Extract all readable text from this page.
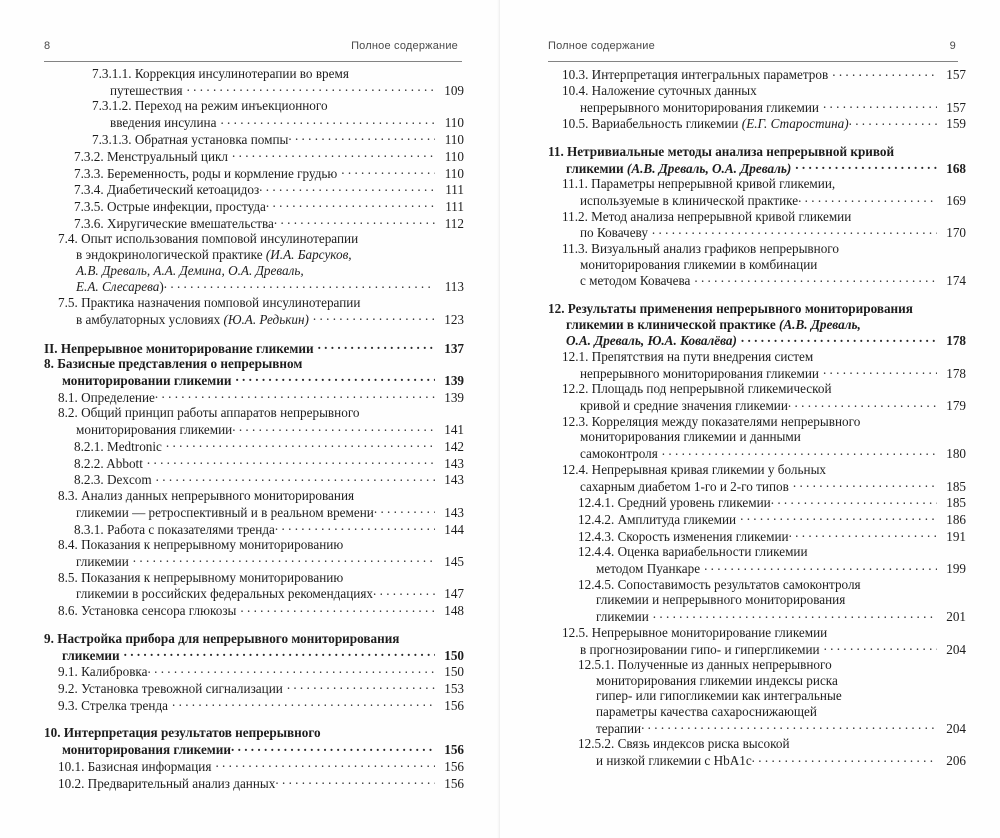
8	Полное содержание
7.3.1.1. Коррекция инсулинотерапии во время
путешествия . . .	109
7.3.1.2. Переход на режим инъекционного
введения инсулина . . .	110
7.3.1.3. Обратная установка помпы . . .	110
7.3.2. Менструальный цикл . . .	110
7.3.3. Беременность, роды и кормление грудью . . .	110
7.3.4. Диабетический кетоацидоз . . .	111
7.3.5. Острые инфекции, простуда . . .	111
7.3.6. Хиругические вмешательства . . .	112
7.4. Опыт использования помповой инсулинотерапии
в эндокринологической практике (И.А. Барсуков,
А.В. Древаль, А.А. Демина, О.А. Древаль,
Е.А. Слесарева) . . .	113
7.5. Практика назначения помповой инсулинотерапии
в амбулаторных условиях (Ю.А. Редькин) . . .	123
II. Непрерывное мониторирование гликемии . . .	137
8. Базисные представления о непрерывном
мониторировании гликемии . . .	139
8.1. Определение . . .	139
8.2. Общий принцип работы аппаратов непрерывного
мониторирования гликемии . . .	141
8.2.1. Medtronic . . .	142
8.2.2. Abbott . . .	143
8.2.3. Dexcom . . .	143
8.3. Анализ данных непрерывного мониторирования
гликемии — ретроспективный и в реальном времени . . .	143
8.3.1. Работа с показателями тренда . . .	144
8.4. Показания к непрерывному мониторированию
гликемии . . .	145
8.5. Показания к непрерывному мониторированию
гликемии в российских федеральных рекомендациях . . .	147
8.6. Установка сенсора глюкозы . . .	148
9. Настройка прибора для непрерывного мониторирования
гликемии . . .	150
9.1. Калибровка . . .	150
9.2. Установка тревожной сигнализации . . .	153
9.3. Стрелка тренда . . .	156
10. Интерпретация результатов непрерывного
мониторирования гликемии . . .	156
10.1. Базисная информация . . .	156
10.2. Предварительный анализ данных . . .	156
Полное содержание	9
10.3. Интерпретация интегральных параметров . . .	157
10.4. Наложение суточных данных
непрерывного мониторирования гликемии . . .	157
10.5. Вариабельность гликемии (Е.Г. Старостина) . . .	159
11. Нетривиальные методы анализа непрерывной кривой
гликемии (А.В. Древаль, О.А. Древаль) . . .	168
11.1. Параметры непрерывной кривой гликемии,
используемые в клинической практике . . .	169
11.2. Метод анализа непрерывной кривой гликемии
по Ковачеву . . .	170
11.3. Визуальный анализ графиков непрерывного
мониторирования гликемии в комбинации
с методом Ковачева . . .	174
12. Результаты применения непрерывного мониторирования
гликемии в клинической практике (А.В. Древаль,
О.А. Древаль, Ю.А. Ковалёва) . . .	178
12.1. Препятствия на пути внедрения систем
непрерывного мониторирования гликемии . . .	178
12.2. Площадь под непрерывной гликемической
кривой и средние значения гликемии . . .	179
12.3. Корреляция между показателями непрерывного
мониторирования гликемии и данными
самоконтроля . . .	180
12.4. Непрерывная кривая гликемии у больных
сахарным диабетом 1-го и 2-го типов . . .	185
12.4.1. Средний уровень гликемии . . .	185
12.4.2. Амплитуда гликемии . . .	186
12.4.3. Скорость изменения гликемии . . .	191
12.4.4. Оценка вариабельности гликемии
методом Пуанкаре . . .	199
12.4.5. Сопоставимость результатов самоконтроля
гликемии и непрерывного мониторирования
гликемии . . .	201
12.5. Непрерывное мониторирование гликемии
в прогнозировании гипо- и гипергликемии . . .	204
12.5.1. Полученные из данных непрерывного
мониторирования гликемии индексы риска
гипер- или гипогликемии как интегральные
параметры качества сахароснижающей
терапии . . .	204
12.5.2. Связь индексов риска высокой
и низкой гликемии с HbA1c . . .	206
